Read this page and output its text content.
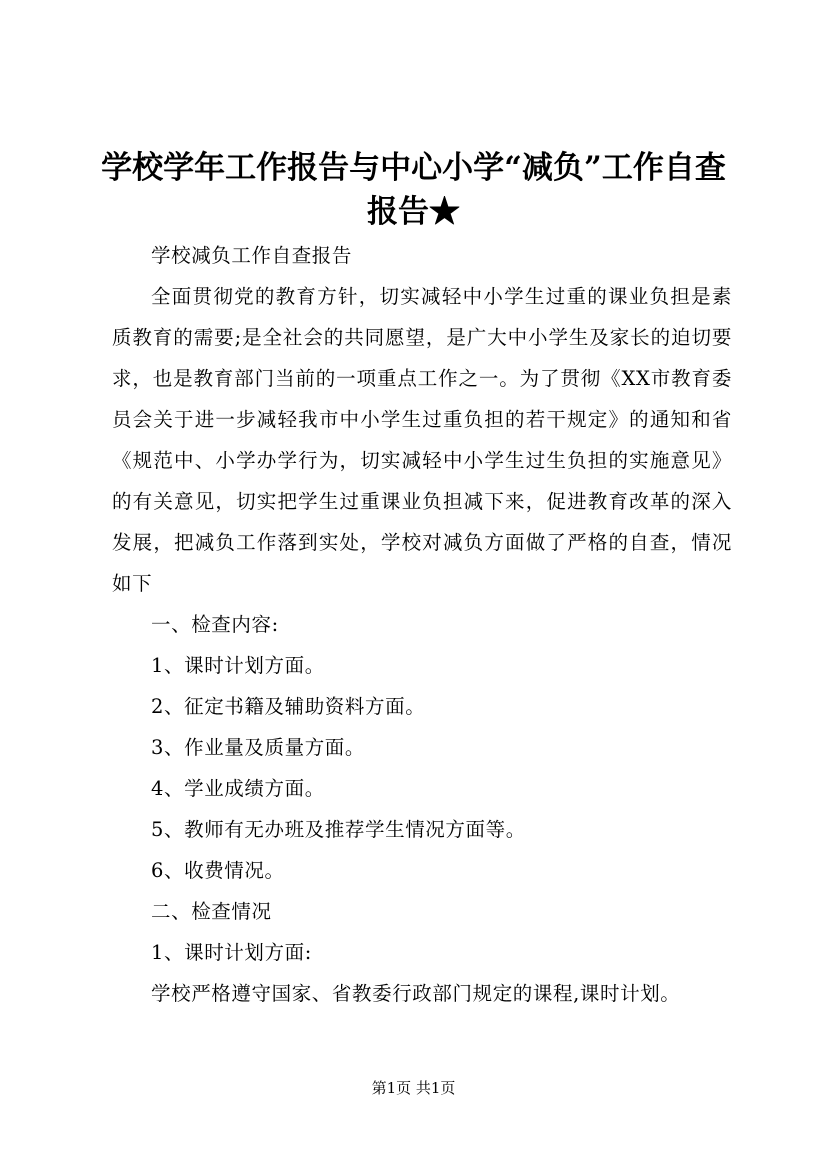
学校学年工作报告与中心小学“减负”工作自查报告★

学校减负工作自查报告

全面贯彻党的教育方针，切实减轻中小学生过重的课业负担是素质教育的需要;是全社会的共同愿望，是广大中小学生及家长的迫切要求，也是教育部门当前的一项重点工作之一。为了贯彻《XX市教育委员会关于进一步减轻我市中小学生过重负担的若干规定》的通知和省《规范中、小学办学行为，切实减轻中小学生过生负担的实施意见》的有关意见，切实把学生过重课业负担减下来，促进教育改革的深入发展，把减负工作落到实处，学校对减负方面做了严格的自查，情况如下

一、检查内容:

1、课时计划方面。

2、征定书籍及辅助资料方面。

3、作业量及质量方面。

4、学业成绩方面。

5、教师有无办班及推荐学生情况方面等。

6、收费情况。

二、检查情况

1、课时计划方面:

学校严格遵守国家、省教委行政部门规定的课程,课时计划。

第1页 共1页
